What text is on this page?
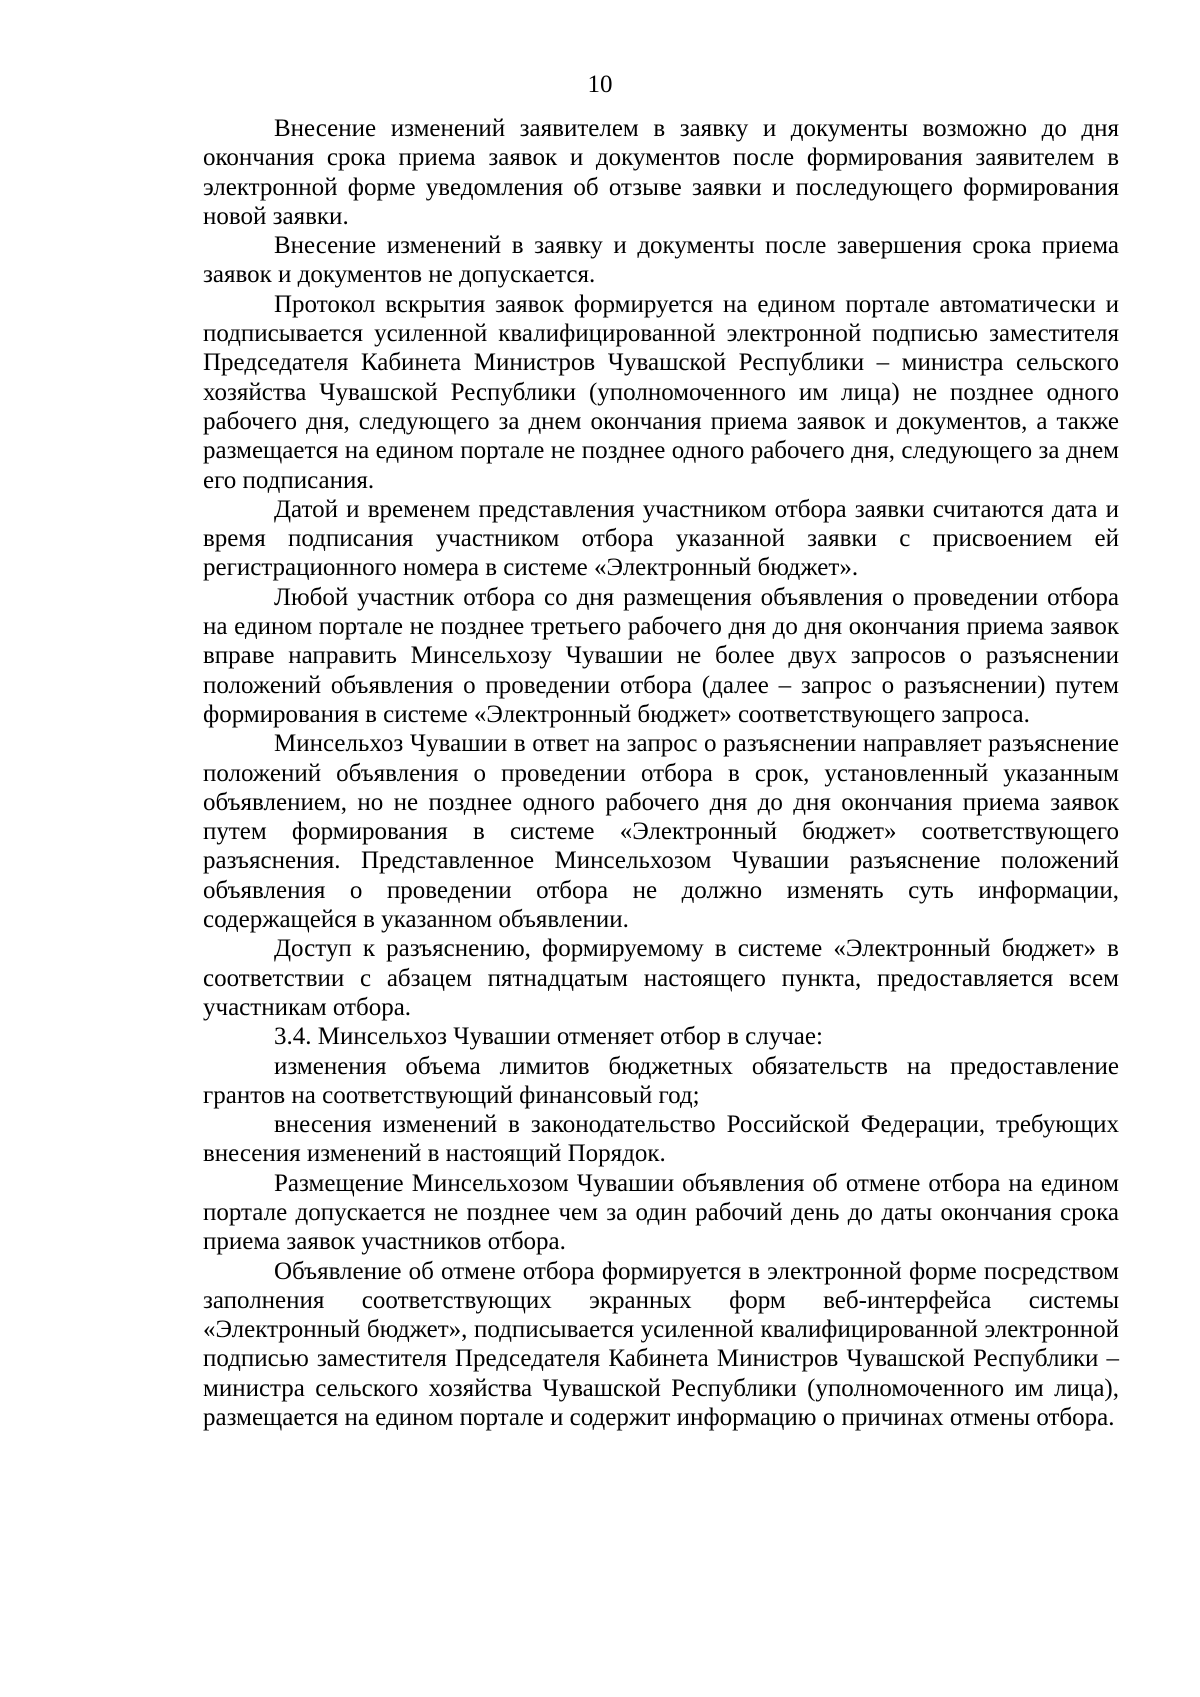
10

Внесение изменений заявителем в заявку и документы возможно до дня окончания срока приема заявок и документов после формирования заявителем в электронной форме уведомления об отзыве заявки и последующего формирования новой заявки.

Внесение изменений в заявку и документы после завершения срока приема заявок и документов не допускается.

Протокол вскрытия заявок формируется на едином портале автоматически и подписывается усиленной квалифицированной электронной подписью заместителя Председателя Кабинета Министров Чувашской Республики – министра сельского хозяйства Чувашской Республики (уполномоченного им лица) не позднее одного рабочего дня, следующего за днем окончания приема заявок и документов, а также размещается на едином портале не позднее одного рабочего дня, следующего за днем его подписания.

Датой и временем представления участником отбора заявки считаются дата и время подписания участником отбора указанной заявки с присвоением ей регистрационного номера в системе «Электронный бюджет».

Любой участник отбора со дня размещения объявления о проведении отбора на едином портале не позднее третьего рабочего дня до дня окончания приема заявок вправе направить Минсельхозу Чувашии не более двух запросов о разъяснении положений объявления о проведении отбора (далее – запрос о разъяснении) путем формирования в системе «Электронный бюджет» соответствующего запроса.

Минсельхоз Чувашии в ответ на запрос о разъяснении направляет разъяснение положений объявления о проведении отбора в срок, установленный указанным объявлением, но не позднее одного рабочего дня до дня окончания приема заявок путем формирования в системе «Электронный бюджет» соответствующего разъяснения. Представленное Минсельхозом Чувашии разъяснение положений объявления о проведении отбора не должно изменять суть информации, содержащейся в указанном объявлении.

Доступ к разъяснению, формируемому в системе «Электронный бюджет» в соответствии с абзацем пятнадцатым настоящего пункта, предоставляется всем участникам отбора.

3.4. Минсельхоз Чувашии отменяет отбор в случае:

изменения объема лимитов бюджетных обязательств на предоставление грантов на соответствующий финансовый год;

внесения изменений в законодательство Российской Федерации, требующих внесения изменений в настоящий Порядок.

Размещение Минсельхозом Чувашии объявления об отмене отбора на едином портале допускается не позднее чем за один рабочий день до даты окончания срока приема заявок участников отбора.

Объявление об отмене отбора формируется в электронной форме посредством заполнения соответствующих экранных форм веб-интерфейса системы «Электронный бюджет», подписывается усиленной квалифицированной электронной подписью заместителя Председателя Кабинета Министров Чувашской Республики – министра сельского хозяйства Чувашской Республики (уполномоченного им лица), размещается на едином портале и содержит информацию о причинах отмены отбора.
